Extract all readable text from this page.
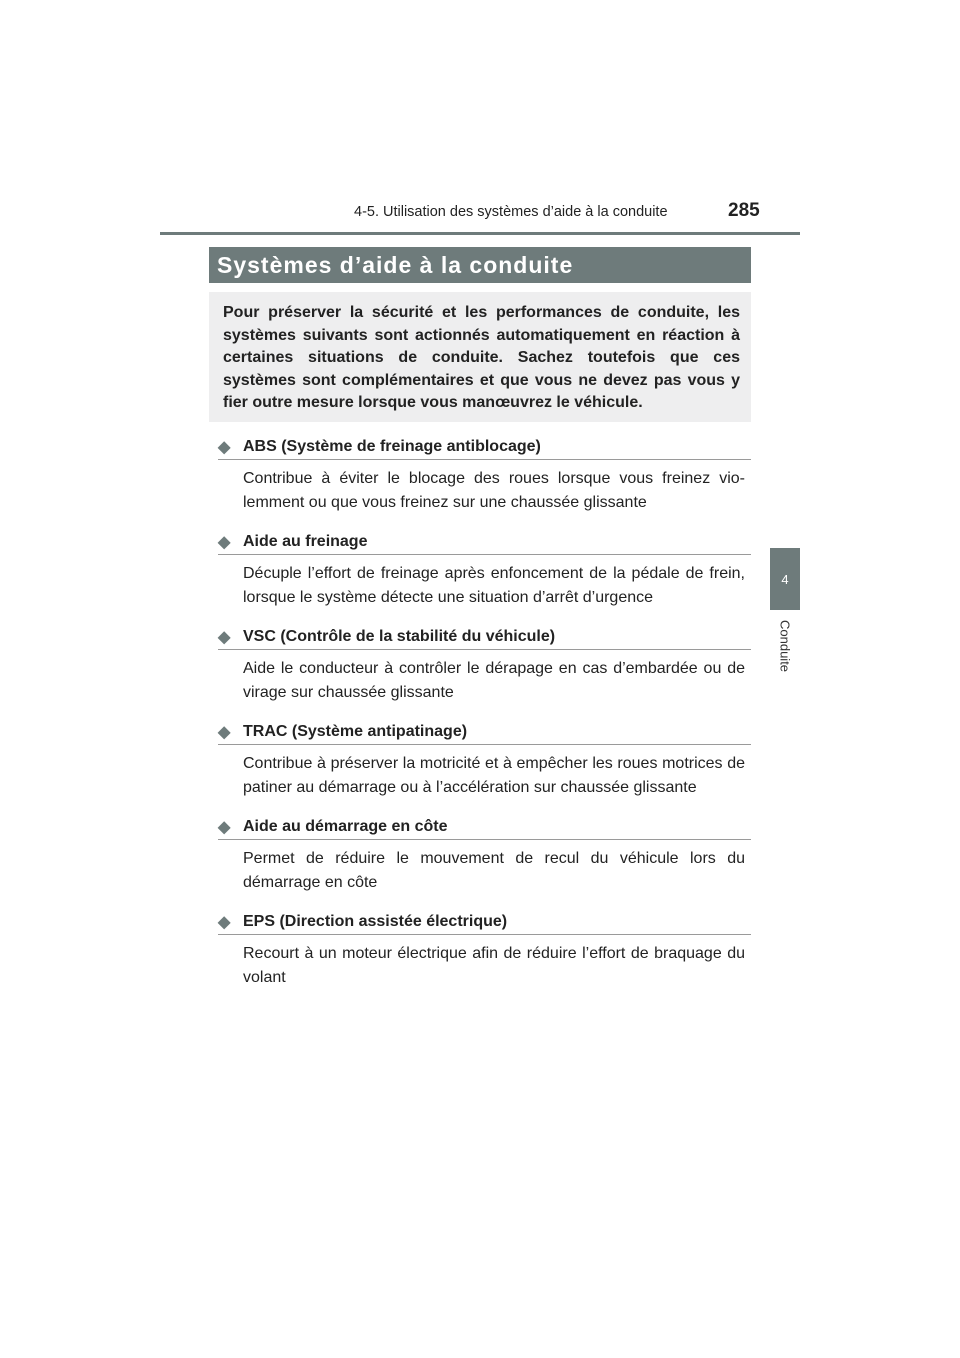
4-5. Utilisation des systèmes d’aide à la conduite	285
4
Conduite
Systèmes d’aide à la conduite
Pour préserver la sécurité et les performances de conduite, les systèmes suivants sont actionnés automatiquement en réaction à certaines situations de conduite. Sachez toutefois que ces systèmes sont complémentaires et que vous ne devez pas vous y fier outre mesure lorsque vous manœuvrez le véhicule.
◆ ABS (Système de freinage antiblocage)
Contribue à éviter le blocage des roues lorsque vous freinez vio-lemment ou que vous freinez sur une chaussée glissante
◆ Aide au freinage
Décuple l’effort de freinage après enfoncement de la pédale de frein, lorsque le système détecte une situation d’arrêt d’urgence
◆ VSC (Contrôle de la stabilité du véhicule)
Aide le conducteur à contrôler le dérapage en cas d’embardée ou de virage sur chaussée glissante
◆ TRAC (Système antipatinage)
Contribue à préserver la motricité et à empêcher les roues motrices de patiner au démarrage ou à l’accélération sur chaussée glissante
◆ Aide au démarrage en côte
Permet de réduire le mouvement de recul du véhicule lors du démarrage en côte
◆ EPS (Direction assistée électrique)
Recourt à un moteur électrique afin de réduire l’effort de braquage du volant
